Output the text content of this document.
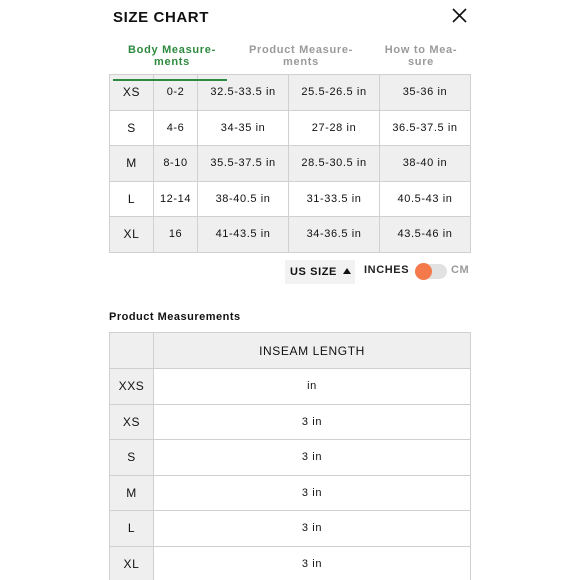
SIZE CHART
Body Measure-
ments
Product Measure-
ments
How to Mea-
sure
XS	0-2	32.5-33.5 in	25.5-26.5 in	35-36 in
S	4-6	34-35 in	27-28 in	36.5-37.5 in
M	8-10	35.5-37.5 in	28.5-30.5 in	38-40 in
L	12-14	38-40.5 in	31-33.5 in	40.5-43 in
XL	16	41-43.5 in	34-36.5 in	43.5-46 in
US SIZE	INCHES	CM
Product Measurements
	INSEAM LENGTH
XXS	in
XS	3 in
S	3 in
M	3 in
L	3 in
XL	3 in
